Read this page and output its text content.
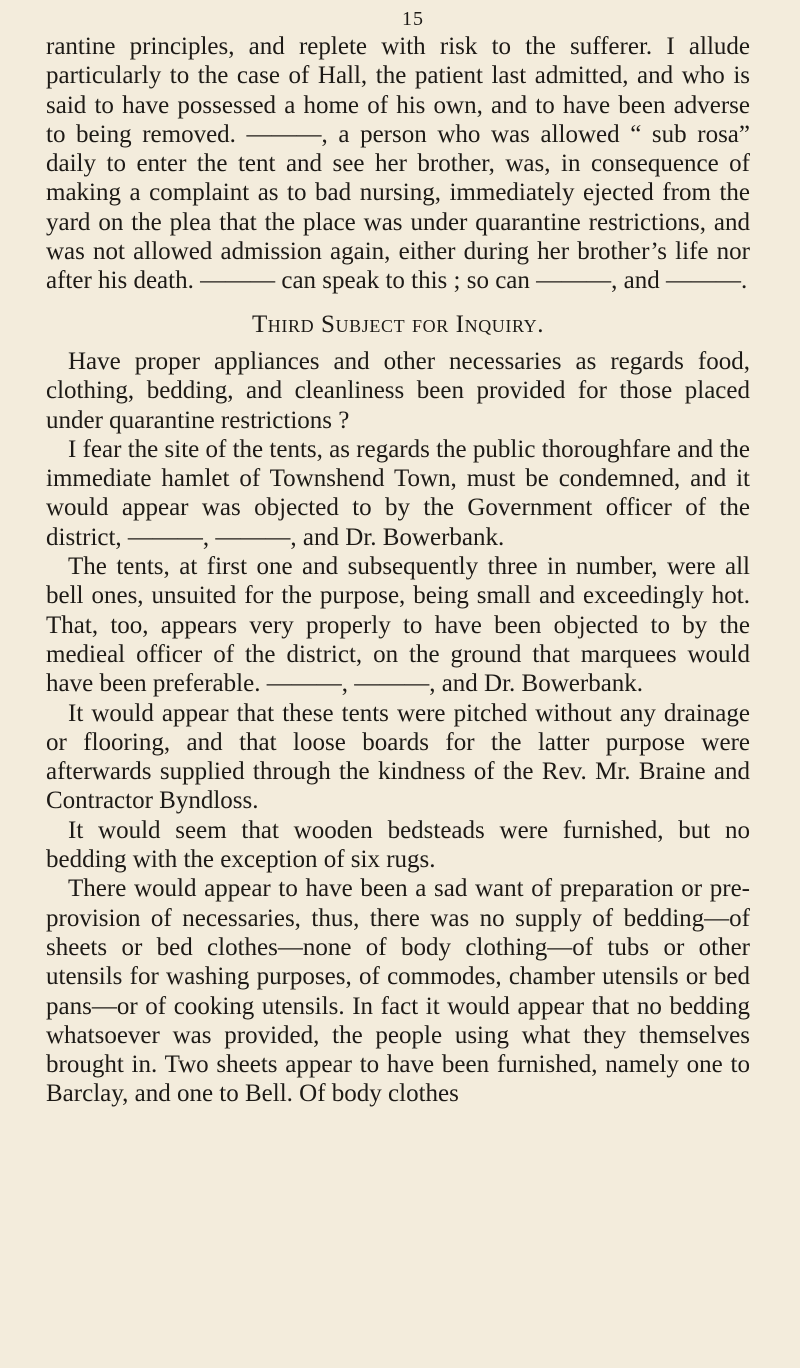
15

rantine principles, and replete with risk to the sufferer. I allude particularly to the case of Hall, the patient last admitted, and who is said to have possessed a home of his own, and to have been adverse to being removed. ———, a person who was allowed “ sub rosa” daily to enter the tent and see her brother, was, in consequence of making a complaint as to bad nursing, immediately ejected from the yard on the plea that the place was under quarantine restrictions, and was not allowed admission again, either during her brother’s life nor after his death. ——— can speak to this ; so can ———, and ———.

Third Subject for Inquiry.

Have proper appliances and other necessaries as regards food, clothing, bedding, and cleanliness been provided for those placed under quarantine restrictions ?

I fear the site of the tents, as regards the public thoroughfare and the immediate hamlet of Townshend Town, must be condemned, and it would appear was objected to by the Government officer of the district, ———, ———, and Dr. Bowerbank.

The tents, at first one and subsequently three in number, were all bell ones, unsuited for the purpose, being small and exceedingly hot. That, too, appears very properly to have been objected to by the medieal officer of the district, on the ground that marquees would have been preferable. ———, ———, and Dr. Bowerbank.

It would appear that these tents were pitched without any drainage or flooring, and that loose boards for the latter purpose were afterwards supplied through the kindness of the Rev. Mr. Braine and Contractor Byndloss.

It would seem that wooden bedsteads were furnished, but no bedding with the exception of six rugs.

There would appear to have been a sad want of preparation or pre-provision of necessaries, thus, there was no supply of bedding—of sheets or bed clothes—none of body clothing—of tubs or other utensils for washing purposes, of commodes, chamber utensils or bed pans—or of cooking utensils. In fact it would appear that no bedding whatsoever was provided, the people using what they themselves brought in. Two sheets appear to have been furnished, namely one to Barclay, and one to Bell. Of body clothes
